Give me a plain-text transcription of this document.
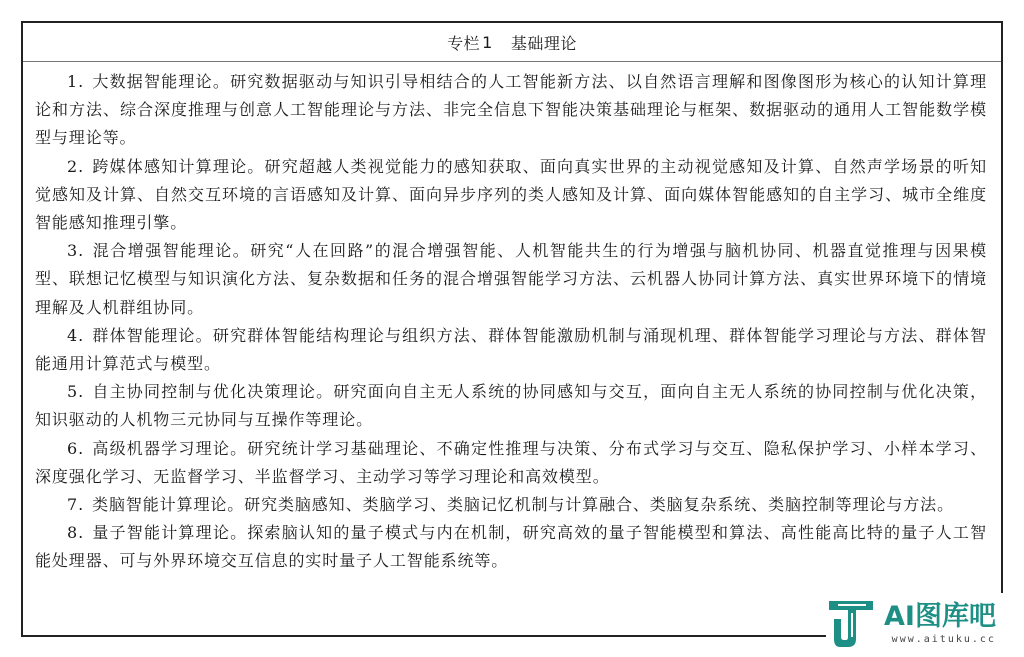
专栏 1 基础理论

1. 大数据智能理论。研究数据驱动与知识引导相结合的人工智能新方法、以自然语言理解和图像图形为核心的认知计算理论和方法、综合深度推理与创意人工智能理论与方法、非完全信息下智能决策基础理论与框架、数据驱动的通用人工智能数学模型与理论等。

2. 跨媒体感知计算理论。研究超越人类视觉能力的感知获取、面向真实世界的主动视觉感知及计算、自然声学场景的听知觉感知及计算、自然交互环境的言语感知及计算、面向异步序列的类人感知及计算、面向媒体智能感知的自主学习、城市全维度智能感知推理引擎。

3. 混合增强智能理论。研究“人在回路”的混合增强智能、人机智能共生的行为增强与脑机协同、机器直觉推理与因果模型、联想记忆模型与知识演化方法、复杂数据和任务的混合增强智能学习方法、云机器人协同计算方法、真实世界环境下的情境理解及人机群组协同。

4. 群体智能理论。研究群体智能结构理论与组织方法、群体智能激励机制与涌现机理、群体智能学习理论与方法、群体智能通用计算范式与模型。

5. 自主协同控制与优化决策理论。研究面向自主无人系统的协同感知与交互，面向自主无人系统的协同控制与优化决策，知识驱动的人机物三元协同与互操作等理论。

6. 高级机器学习理论。研究统计学习基础理论、不确定性推理与决策、分布式学习与交互、隐私保护学习、小样本学习、深度强化学习、无监督学习、半监督学习、主动学习等学习理论和高效模型。

7. 类脑智能计算理论。研究类脑感知、类脑学习、类脑记忆机制与计算融合、类脑复杂系统、类脑控制等理论与方法。

8. 量子智能计算理论。探索脑认知的量子模式与内在机制，研究高效的量子智能模型和算法、高性能高比特的量子人工智能处理器、可与外界环境交互信息的实时量子人工智能系统等。

AI图库吧
www.aituku.cc
